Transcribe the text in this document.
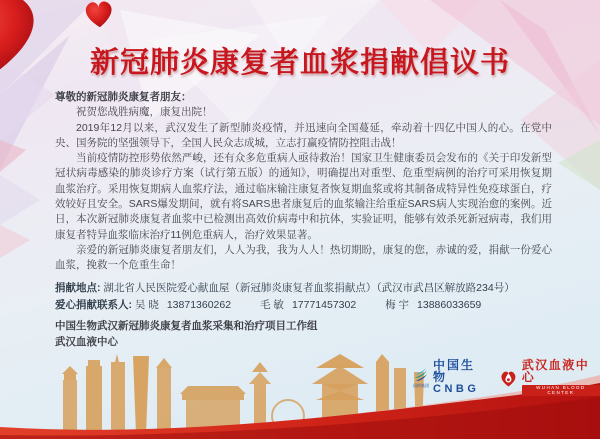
新冠肺炎康复者血浆捐献倡议书

尊敬的新冠肺炎康复者朋友：

祝贺您战胜病魔，康复出院！

2019年12月以来，武汉发生了新型肺炎疫情，并迅速向全国蔓延，牵动着十四亿中国人的心。在党中央、国务院的坚强领导下，全国人民众志成城，立志打赢疫情防控阻击战！

当前疫情防控形势依然严峻，还有众多危重病人亟待救治！国家卫生健康委员会发布的《关于印发新型冠状病毒感染的肺炎诊疗方案（试行第五版）的通知》，明确提出对重型、危重型病例的治疗可采用恢复期血浆治疗。采用恢复期病人血浆疗法，通过临床输注康复者恢复期血浆或将其制备成特异性免疫球蛋白，疗效较好且安全。SARS爆发期间，就有将SARS患者康复后的血浆输注给重症SARS病人实现治愈的案例。近日，本次新冠肺炎康复者血浆中已检测出高效价病毒中和抗体，实验证明，能够有效杀死新冠病毒，我们用康复者特异血浆临床治疗11例危重病人，治疗效果显著。

亲爱的新冠肺炎康复者朋友们，人人为我，我为人人！热切期盼，康复的您，赤诚的爱，捐献一份爱心血浆，挽救一个危重生命！

捐献地点: 湖北省人民医院爱心献血屋（新冠肺炎康复者血浆捐献点）（武汉市武昌区解放路234号）

爱心捐献联系人: 吴 晓 13871360262	毛 敏 17771457302	梅 宇 13886033659

中国生物武汉新冠肺炎康复者血浆采集和治疗项目工作组

武汉血液中心

国药集团
中国生物
CNBG
武汉血液中心
WUHAN BLOOD CENTER
